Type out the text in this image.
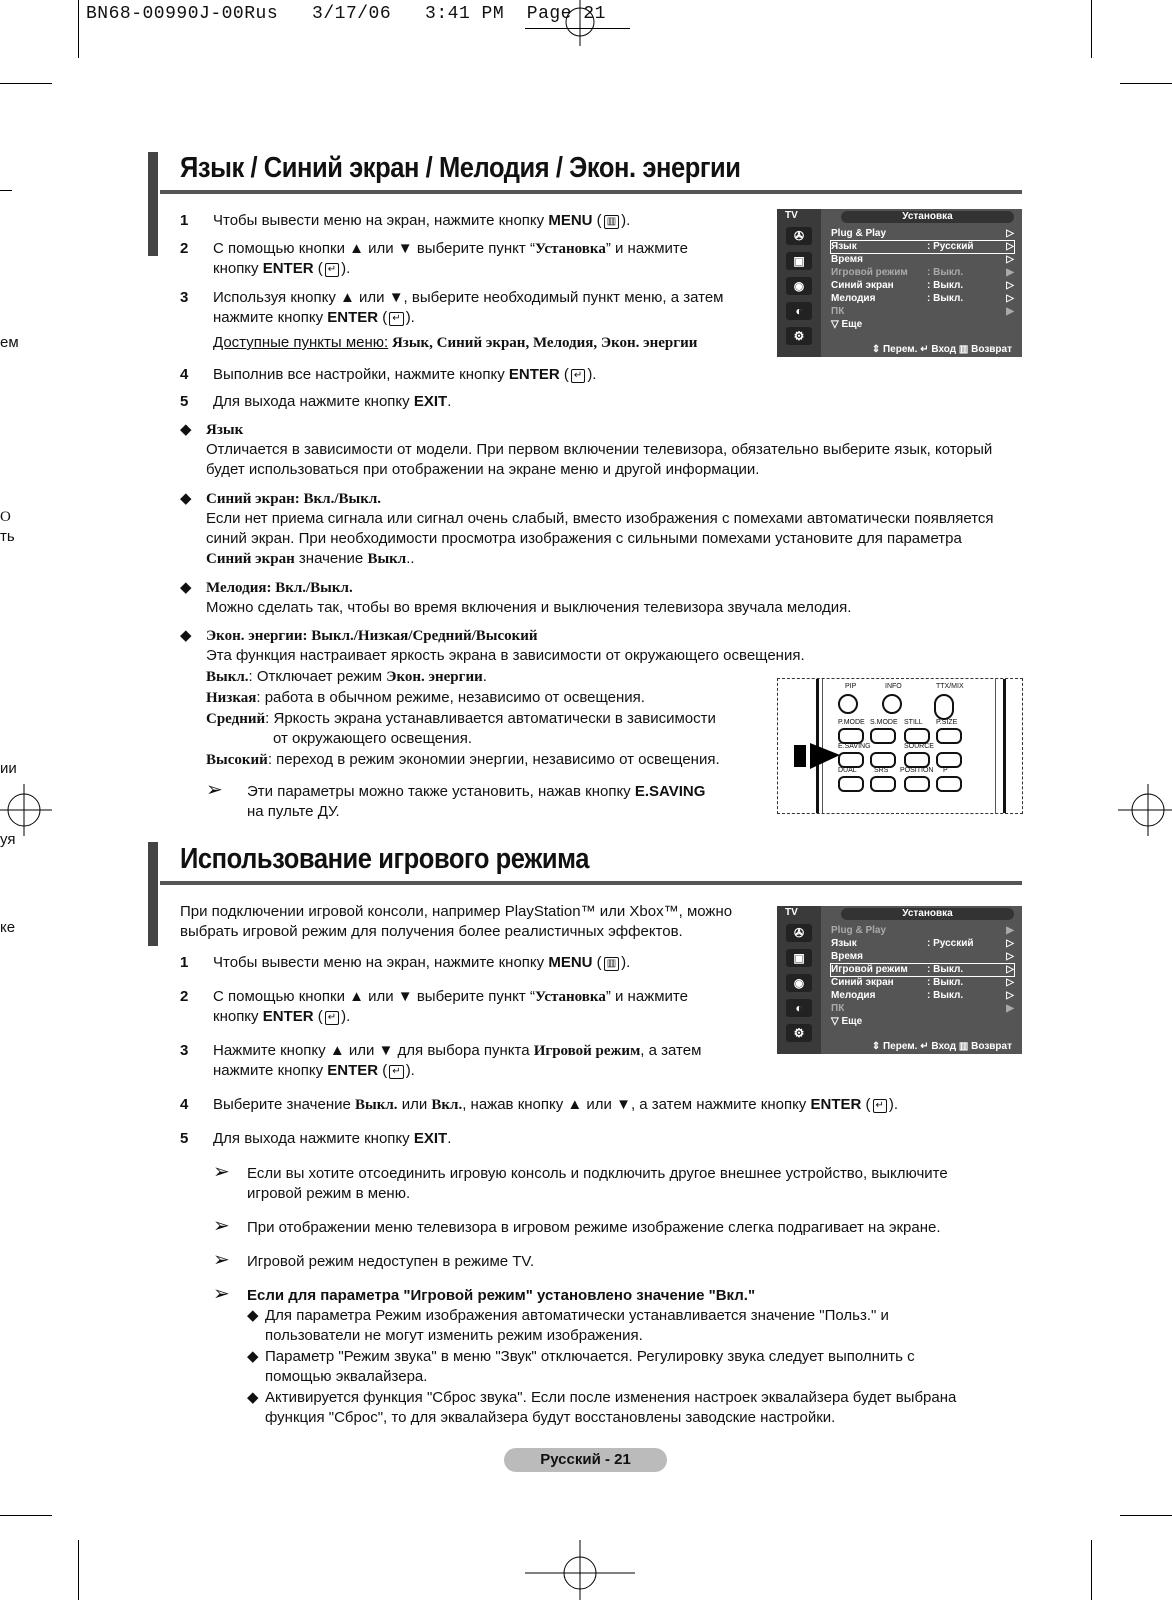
BN68-00990J-00Rus   3/17/06   3:41 PM  Page 21
ем
О
ть
ии
уя
ке
Язык / Синий экран / Мелодия / Экон. энергии
1 Чтобы вывести меню на экран, нажмите кнопку MENU ( ▥ ).
2 С помощью кнопки ▲ или ▼ выберите пункт “Установка” и нажмите
кнопку ENTER ( ↵ ).
3 Используя кнопку ▲ или ▼, выберите необходимый пункт меню, а затем
нажмите кнопку ENTER ( ↵ ).
Доступные пункты меню: Язык, Синий экран, Мелодия, Экон. энергии
4 Выполнив все настройки, нажмите кнопку ENTER ( ↵ ).
5 Для выхода нажмите кнопку EXIT.
TV	Установка
✇
▣
◉
◐
⚙
Plug & Play	▷
Язык	: Русский	▷
Время	▷
Игровой режим : Выкл.	▶
Синий экран	: Выкл.	▷
Мелодия	: Выкл.	▷
ПК	▶
▽ Еще
⇕ Перем. ↵ Вход ▥ Возврат
◆ Язык
Отличается в зависимости от модели. При первом включении телевизора, обязательно выберите язык, который
будет использоваться при отображении на экране меню и другой информации.
◆ Синий экран: Вкл./Выкл.
Если нет приема сигнала или сигнал очень слабый, вместо изображения с помехами автоматически появляется
синий экран. При необходимости просмотра изображения с сильными помехами установите для параметра
Синий экран значение Выкл..
◆ Мелодия: Вкл./Выкл.
Можно сделать так, чтобы во время включения и выключения телевизора звучала мелодия.
◆ Экон. энергии: Выкл./Низкая/Средний/Высокий
Эта функция настраивает яркость экрана в зависимости от окружающего освещения.
Выкл.: Отключает режим Экон. энергии.
Низкая: работа в обычном режиме, независимо от освещения.
Средний: Яркость экрана устанавливается автоматически в зависимости
от окружающего освещения.
Высокий: переход в режим экономии энергии, независимо от освещения.
➢ Эти параметры можно также установить, нажав кнопку E.SAVING
на пульте ДУ.
PIP	INFO	TTX/MIX
P.MODE S.MODE STILL P.SIZE
E.SAVING	SOURCE
DUAL SRS POSITION P
Использование игрового режима
При подключении игровой консоли, например PlayStation™ или Xbox™, можно
выбрать игровой режим для получения более реалистичных эффектов.
1 Чтобы вывести меню на экран, нажмите кнопку MENU ( ▥ ).
2 С помощью кнопки ▲ или ▼ выберите пункт “Установка” и нажмите
кнопку ENTER ( ↵ ).
3 Нажмите кнопку ▲ или ▼ для выбора пункта Игровой режим, а затем
нажмите кнопку ENTER ( ↵ ).
4 Выберите значение Выкл. или Вкл., нажав кнопку ▲ или ▼, а затем нажмите кнопку ENTER ( ↵ ).
5 Для выхода нажмите кнопку EXIT.
TV	Установка
✇
▣
◉
◐
⚙
Plug & Play	▶
Язык	: Русский	▷
Время	▷
Игровой режим : Выкл.	▷
Синий экран	: Выкл.	▷
Мелодия	: Выкл.	▷
ПК	▶
▽ Еще
⇕ Перем. ↵ Вход ▥ Возврат
➢ Если вы хотите отсоединить игровую консоль и подключить другое внешнее устройство, выключите
игровой режим в меню.
➢ При отображении меню телевизора в игровом режиме изображение слегка подрагивает на экране.
➢ Игровой режим недоступен в режиме TV.
➢ Если для параметра "Игровой режим" установлено значение "Вкл."
◆ Для параметра Режим изображения автоматически устанавливается значение "Польз." и
пользователи не могут изменить режим изображения.
◆ Параметр "Режим звука" в меню "Звук" отключается. Регулировку звука следует выполнить с
помощью эквалайзера.
◆ Активируется функция "Сброс звука". Если после изменения настроек эквалайзера будет выбрана
функция "Сброс", то для эквалайзера будут восстановлены заводские настройки.
Русский - 21
